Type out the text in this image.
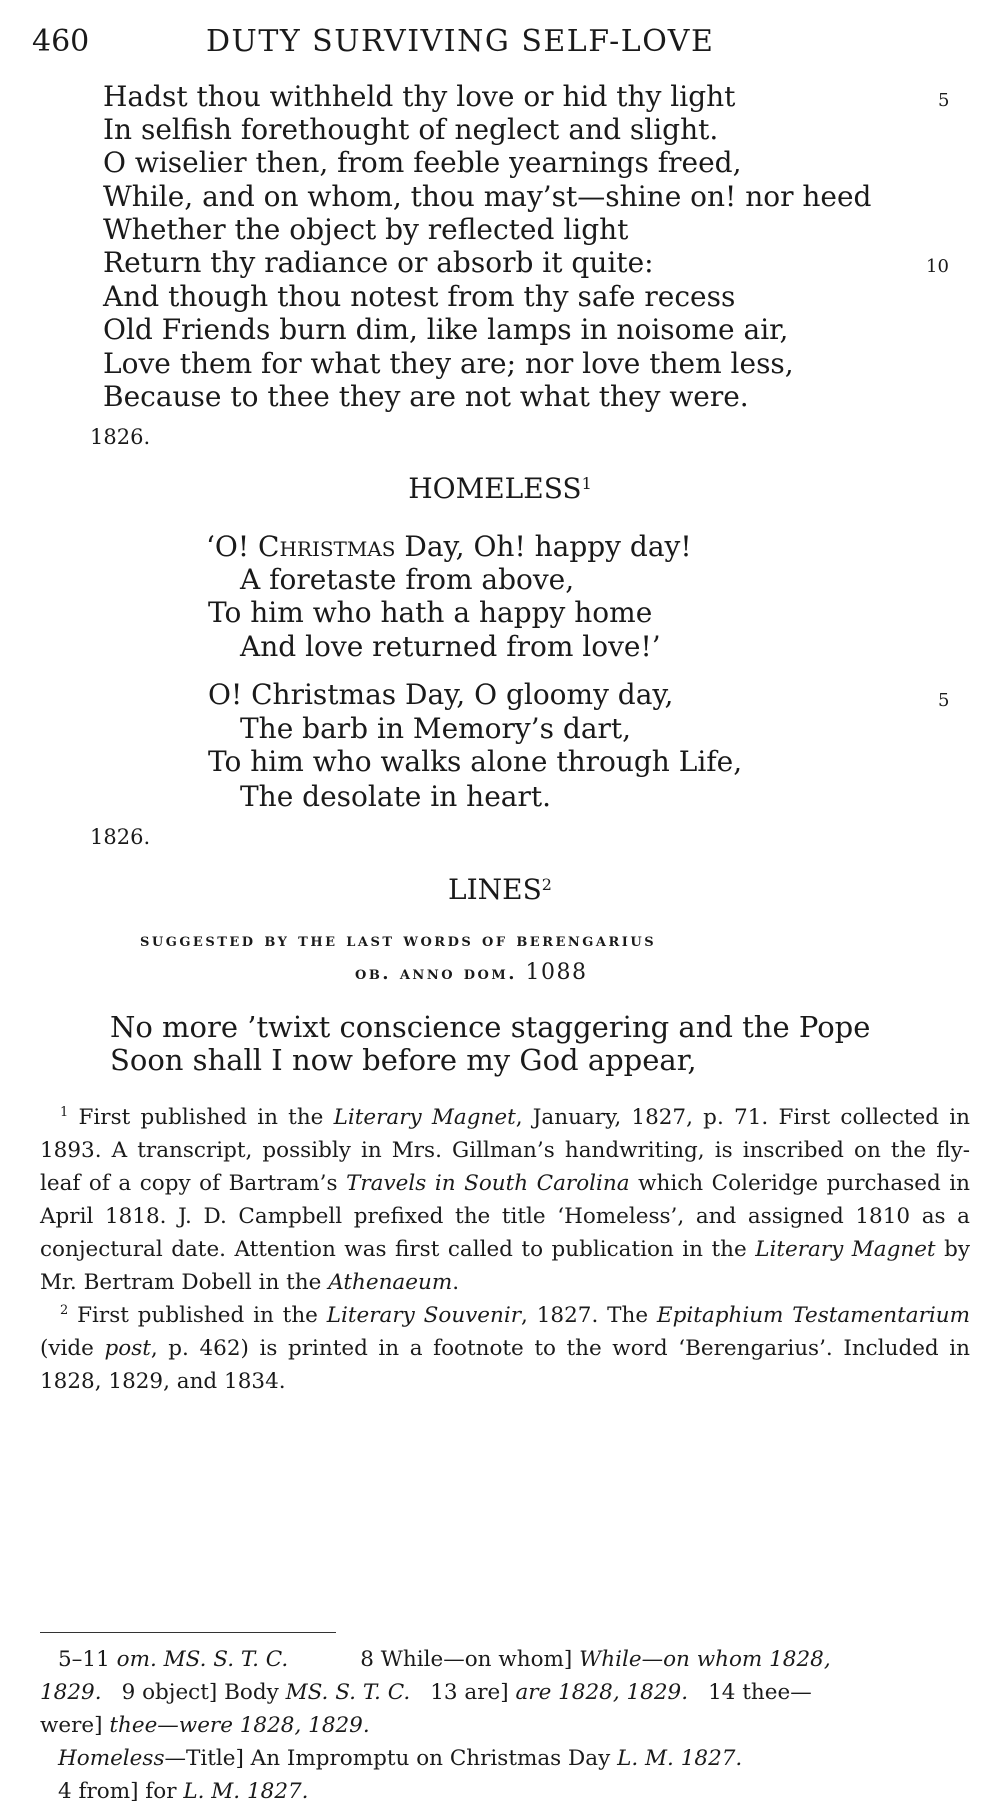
460	DUTY SURVIVING SELF-LOVE
Hadst thou withheld thy love or hid thy light	5
In selfish forethought of neglect and slight.
O wiselier then, from feeble yearnings freed,
While, and on whom, thou may’st—shine on! nor heed
Whether the object by reflected light
Return thy radiance or absorb it quite:	10
And though thou notest from thy safe recess
Old Friends burn dim, like lamps in noisome air,
Love them for what they are; nor love them less,
Because to thee they are not what they were.
1826.
HOMELESS$^1$
‘O! Christmas Day, Oh! happy day!
A foretaste from above,
To him who hath a happy home
And love returned from love!’
O! Christmas Day, O gloomy day,	5
The barb in Memory’s dart,
To him who walks alone through Life,
The desolate in heart.
1826.
LINES$^2$
suggested by the last words of berengarius
ob. anno dom. 1088
No more ’twixt conscience staggering and the Pope
Soon shall I now before my God appear,
$^1$ First published in the Literary Magnet, January, 1827, p. 71. First collected in 1893. A transcript, possibly in Mrs. Gillman’s handwriting, is inscribed on the fly-leaf of a copy of Bartram’s Travels in South Carolina which Coleridge purchased in April 1818. J. D. Campbell prefixed the title ‘Homeless’, and assigned 1810 as a conjectural date. Attention was first called to publication in the Literary Magnet by Mr. Bertram Dobell in the Athenaeum.
$^2$ First published in the Literary Souvenir, 1827. The Epitaphium Testamentarium (vide post, p. 462) is printed in a footnote to the word ‘Berengarius’. Included in 1828, 1829, and 1834.
5–11 om. MS. S. T. C.	8 While—on whom] While—on whom 1828,
1829. 9 object] Body MS. S. T. C. 13 are] are 1828, 1829. 14 thee—
were] thee—were 1828, 1829.
Homeless—Title] An Impromptu on Christmas Day L. M. 1827.
4 from] for L. M. 1827.
